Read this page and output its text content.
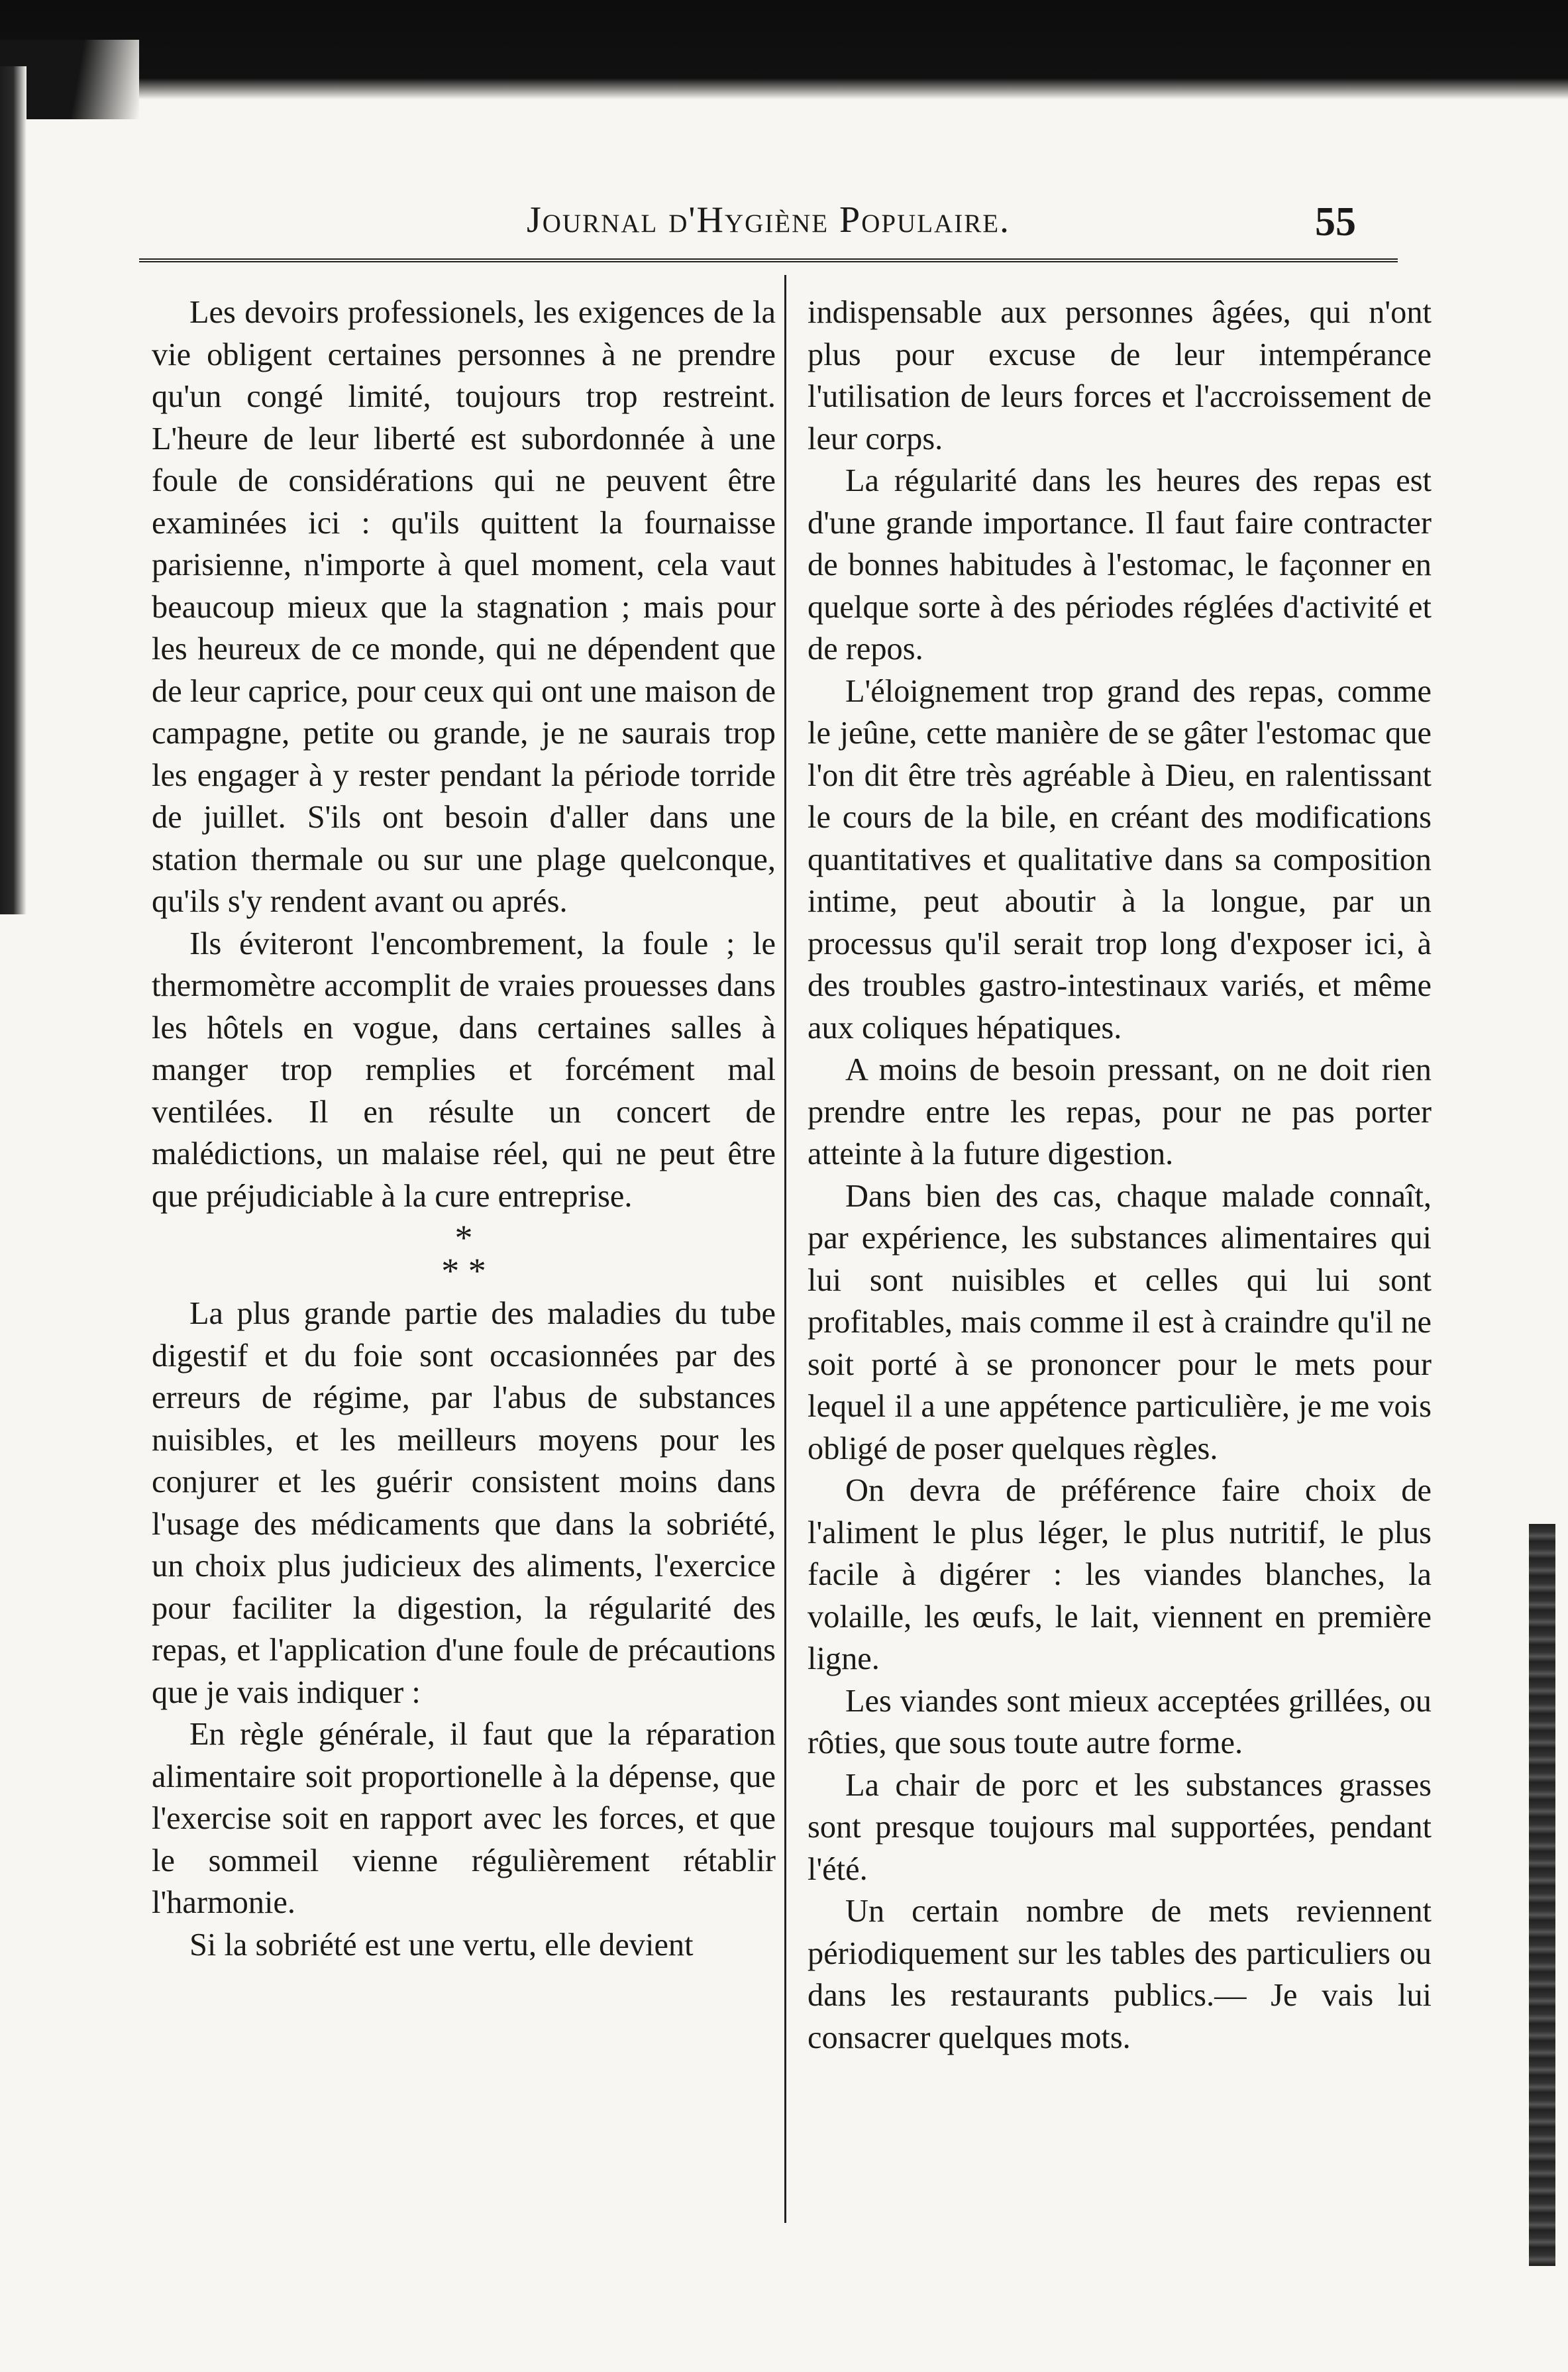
Journal d'Hygiène Populaire.	55

Les devoirs professionels, les exigences de la vie obligent certaines personnes à ne prendre qu'un congé limité, toujours trop restreint. L'heure de leur liberté est subordonnée à une foule de considérations qui ne peuvent être examinées ici : qu'ils quittent la fournaisse parisienne, n'importe à quel moment, cela vaut beaucoup mieux que la stagnation ; mais pour les heureux de ce monde, qui ne dépendent que de leur caprice, pour ceux qui ont une maison de campagne, petite ou grande, je ne saurais trop les engager à y rester pendant la période torride de juillet. S'ils ont besoin d'aller dans une station thermale ou sur une plage quelconque, qu'ils s'y rendent avant ou aprés.

Ils éviteront l'encombrement, la foule ; le thermomètre accomplit de vraies prouesses dans les hôtels en vogue, dans certaines salles à manger trop remplies et forcément mal ventilées. Il en résulte un concert de malédictions, un malaise réel, qui ne peut être que préjudiciable à la cure entreprise.

*
* *

La plus grande partie des maladies du tube digestif et du foie sont occasionnées par des erreurs de régime, par l'abus de substances nuisibles, et les meilleurs moyens pour les conjurer et les guérir consistent moins dans l'usage des médicaments que dans la sobriété, un choix plus judicieux des aliments, l'exercice pour faciliter la digestion, la régularité des repas, et l'application d'une foule de précautions que je vais indiquer :

En règle générale, il faut que la réparation alimentaire soit proportionelle à la dépense, que l'exercise soit en rapport avec les forces, et que le sommeil vienne régulièrement rétablir l'harmonie.

Si la sobriété est une vertu, elle devient

indispensable aux personnes âgées, qui n'ont plus pour excuse de leur intempérance l'utilisation de leurs forces et l'accroissement de leur corps.

La régularité dans les heures des repas est d'une grande importance. Il faut faire contracter de bonnes habitudes à l'estomac, le façonner en quelque sorte à des périodes réglées d'activité et de repos.

L'éloignement trop grand des repas, comme le jeûne, cette manière de se gâter l'estomac que l'on dit être très agréable à Dieu, en ralentissant le cours de la bile, en créant des modifications quantitatives et qualitative dans sa composition intime, peut aboutir à la longue, par un processus qu'il serait trop long d'exposer ici, à des troubles gastro-intestinaux variés, et même aux coliques hépatiques.

A moins de besoin pressant, on ne doit rien prendre entre les repas, pour ne pas porter atteinte à la future digestion.

Dans bien des cas, chaque malade connaît, par expérience, les substances alimentaires qui lui sont nuisibles et celles qui lui sont profitables, mais comme il est à craindre qu'il ne soit porté à se prononcer pour le mets pour lequel il a une appétence particulière, je me vois obligé de poser quelques règles.

On devra de préférence faire choix de l'aliment le plus léger, le plus nutritif, le plus facile à digérer : les viandes blanches, la volaille, les œufs, le lait, viennent en première ligne.

Les viandes sont mieux acceptées grillées, ou rôties, que sous toute autre forme.

La chair de porc et les substances grasses sont presque toujours mal supportées, pendant l'été.

Un certain nombre de mets reviennent périodiquement sur les tables des particuliers ou dans les restaurants publics.— Je vais lui consacrer quelques mots.
